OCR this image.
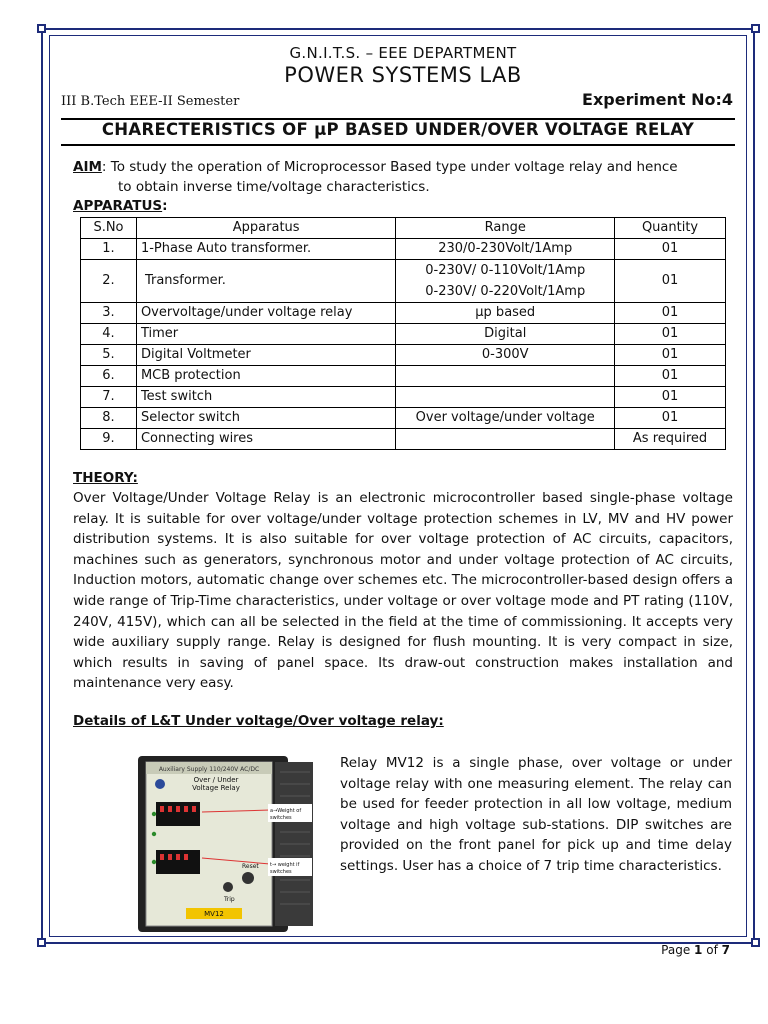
G.N.I.T.S. – EEE DEPARTMENT
POWER SYSTEMS LAB
III B.Tech EEE-II Semester	Experiment No:4
CHARECTERISTICS OF µP BASED UNDER/OVER VOLTAGE RELAY
AIM: To study the operation of Microprocessor Based type under voltage relay and hence
to obtain inverse time/voltage characteristics.
APPARATUS:
S.No	Apparatus	Range	Quantity
1.	1-Phase Auto transformer.	230/0-230Volt/1Amp	01
2.	Transformer.	0-230V/ 0-110Volt/1Amp
0-230V/ 0-220Volt/1Amp	01
3.	Overvoltage/under voltage relay	µp based	01
4.	Timer	Digital	01
5.	Digital Voltmeter	0-300V	01
6.	MCB protection		01
7.	Test switch		01
8.	Selector switch	Over voltage/under voltage	01
9.	Connecting wires		As required
THEORY:
Over Voltage/Under Voltage Relay is an electronic microcontroller based single-phase voltage relay. It is suitable for over voltage/under voltage protection schemes in LV, MV and HV power distribution systems. It is also suitable for over voltage protection of AC circuits, capacitors, machines such as generators, synchronous motor and under voltage protection of AC circuits, Induction motors, automatic change over schemes etc. The microcontroller-based design offers a wide range of Trip-Time characteristics, under voltage or over voltage mode and PT rating (110V, 240V, 415V), which can all be selected in the field at the time of commissioning. It accepts very wide auxiliary supply range. Relay is designed for flush mounting. It is very compact in size, which results in saving of panel space. Its draw-out construction makes installation and maintenance very easy.
Details of L&T Under voltage/Over voltage relay:
Auxiliary Supply 110/240V AC/DC
Over / Under
Voltage Relay
Trip
Reset
MV12
a→Weight of
switches
t→ weight if
switches
Relay MV12 is a single phase, over voltage or under voltage relay with one measuring element. The relay can be used for feeder protection in all low voltage, medium voltage and high voltage sub-stations. DIP switches are provided on the front panel for pick up and time delay settings. User has a choice of 7 trip time characteristics.
Page 1 of 7
